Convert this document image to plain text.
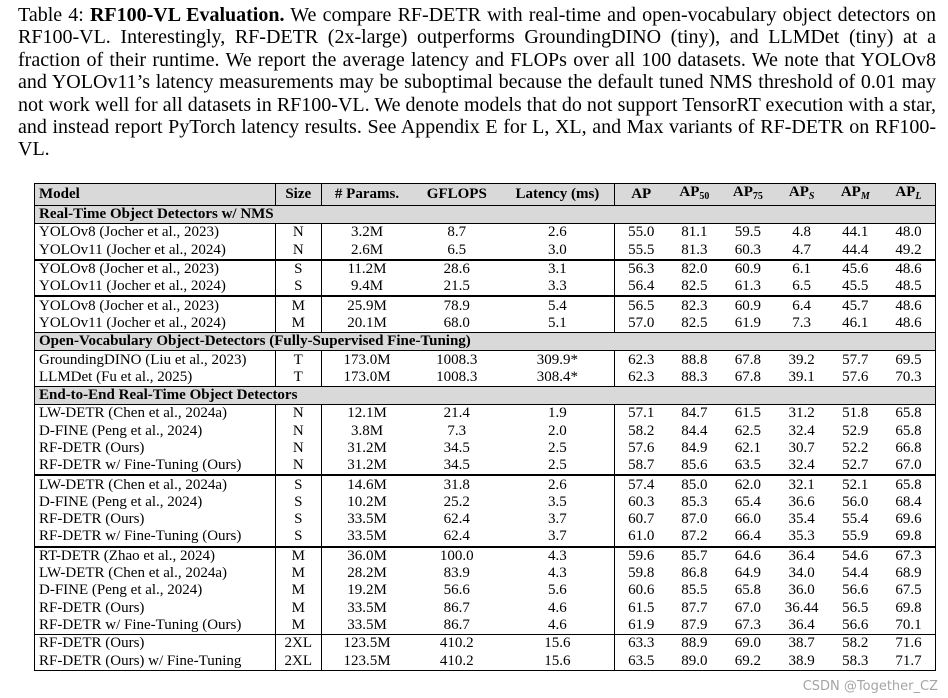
Table 4: RF100-VL Evaluation. We compare RF-DETR with real-time and open-vocabulary object detectors on RF100-VL. Interestingly, RF-DETR (2x-large) outperforms GroundingDINO (tiny), and LLMDet (tiny) at a fraction of their runtime. We report the average latency and FLOPs over all 100 datasets. We note that YOLOv8 and YOLOv11’s latency measurements may be suboptimal because the default tuned NMS threshold of 0.01 may not work well for all datasets in RF100-VL. We denote models that do not support TensorRT execution with a star, and instead report PyTorch latency results. See Appendix E for L, XL, and Max variants of RF-DETR on RF100-VL.

Model	Size	# Params.	GFLOPS	Latency (ms)	AP	$AP_{50}$	$AP_{75}$	$AP_S$	$AP_M$	$AP_L$
Real-Time Object Detectors w/ NMS										
YOLOv8 (Jocher et al., 2023)	N	3.2M	8.7	2.6	55.0	81.1	59.5	4.8	44.1	48.0
YOLOv11 (Jocher et al., 2024)	N	2.6M	6.5	3.0	55.5	81.3	60.3	4.7	44.4	49.2
YOLOv8 (Jocher et al., 2023)	S	11.2M	28.6	3.1	56.3	82.0	60.9	6.1	45.6	48.6
YOLOv11 (Jocher et al., 2024)	S	9.4M	21.5	3.3	56.4	82.5	61.3	6.5	45.5	48.5
YOLOv8 (Jocher et al., 2023)	M	25.9M	78.9	5.4	56.5	82.3	60.9	6.4	45.7	48.6
YOLOv11 (Jocher et al., 2024)	M	20.1M	68.0	5.1	57.0	82.5	61.9	7.3	46.1	48.6
Open-Vocabulary Object-Detectors (Fully-Supervised Fine-Tuning)										
GroundingDINO (Liu et al., 2023)	T	173.0M	1008.3	309.9*	62.3	88.8	67.8	39.2	57.7	69.5
LLMDet (Fu et al., 2025)	T	173.0M	1008.3	308.4*	62.3	88.3	67.8	39.1	57.6	70.3
End-to-End Real-Time Object Detectors										
LW-DETR (Chen et al., 2024a)	N	12.1M	21.4	1.9	57.1	84.7	61.5	31.2	51.8	65.8
D-FINE (Peng et al., 2024)	N	3.8M	7.3	2.0	58.2	84.4	62.5	32.4	52.9	65.8
RF-DETR (Ours)	N	31.2M	34.5	2.5	57.6	84.9	62.1	30.7	52.2	66.8
RF-DETR w/ Fine-Tuning (Ours)	N	31.2M	34.5	2.5	58.7	85.6	63.5	32.4	52.7	67.0
LW-DETR (Chen et al., 2024a)	S	14.6M	31.8	2.6	57.4	85.0	62.0	32.1	52.1	65.8
D-FINE (Peng et al., 2024)	S	10.2M	25.2	3.5	60.3	85.3	65.4	36.6	56.0	68.4
RF-DETR (Ours)	S	33.5M	62.4	3.7	60.7	87.0	66.0	35.4	55.4	69.6
RF-DETR w/ Fine-Tuning (Ours)	S	33.5M	62.4	3.7	61.0	87.2	66.4	35.3	55.9	69.8
RT-DETR (Zhao et al., 2024)	M	36.0M	100.0	4.3	59.6	85.7	64.6	36.4	54.6	67.3
LW-DETR (Chen et al., 2024a)	M	28.2M	83.9	4.3	59.8	86.8	64.9	34.0	54.4	68.9
D-FINE (Peng et al., 2024)	M	19.2M	56.6	5.6	60.6	85.5	65.8	36.0	56.6	67.5
RF-DETR (Ours)	M	33.5M	86.7	4.6	61.5	87.7	67.0	36.44	56.5	69.8
RF-DETR w/ Fine-Tuning (Ours)	M	33.5M	86.7	4.6	61.9	87.9	67.3	36.4	56.6	70.1
RF-DETR (Ours)	2XL	123.5M	410.2	15.6	63.3	88.9	69.0	38.7	58.2	71.6
RF-DETR (Ours) w/ Fine-Tuning	2XL	123.5M	410.2	15.6	63.5	89.0	69.2	38.9	58.3	71.7
CSDN @Together_CZ
